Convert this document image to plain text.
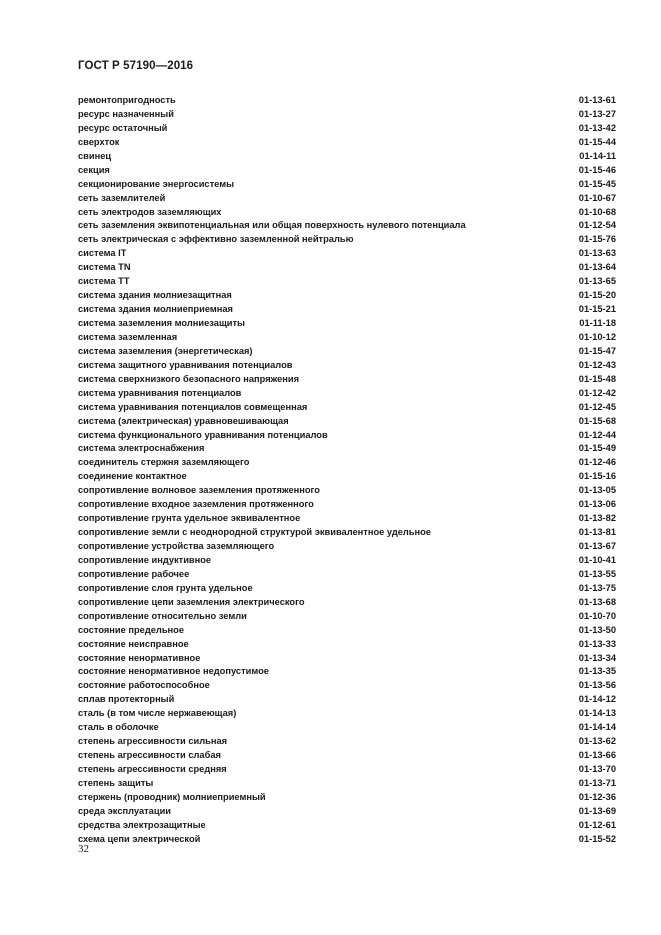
ГОСТ Р 57190—2016
ремонтопригодность	01-13-61
ресурс назначенный	01-13-27
ресурс остаточный	01-13-42
сверхток	01-15-44
свинец	01-14-11
секция	01-15-46
секционирование энергосистемы	01-15-45
сеть заземлителей	01-10-67
сеть электродов заземляющих	01-10-68
сеть заземления эквипотенциальная или общая поверхность нулевого потенциала	01-12-54
сеть электрическая с эффективно заземленной нейтралью	01-15-76
система IT	01-13-63
система TN	01-13-64
система TT	01-13-65
система здания молниезащитная	01-15-20
система здания молниеприемная	01-15-21
система заземления молниезащиты	01-11-18
система заземленная	01-10-12
система заземления (энергетическая)	01-15-47
система защитного уравнивания потенциалов	01-12-43
система сверхнизкого безопасного напряжения	01-15-48
система уравнивания потенциалов	01-12-42
система уравнивания потенциалов совмещенная	01-12-45
система (электрическая) уравновешивающая	01-15-68
система функционального уравнивания потенциалов	01-12-44
система электроснабжения	01-15-49
соединитель стержня заземляющего	01-12-46
соединение контактное	01-15-16
сопротивление волновое заземления протяженного	01-13-05
сопротивление входное заземления протяженного	01-13-06
сопротивление грунта удельное эквивалентное	01-13-82
сопротивление земли с неоднородной структурой эквивалентное удельное	01-13-81
сопротивление устройства заземляющего	01-13-67
сопротивление индуктивное	01-10-41
сопротивление рабочее	01-13-55
сопротивление слоя грунта удельное	01-13-75
сопротивление цепи заземления электрического	01-13-68
сопротивление относительно земли	01-10-70
состояние предельное	01-13-50
состояние неисправное	01-13-33
состояние ненормативное	01-13-34
состояние ненормативное недопустимое	01-13-35
состояние работоспособное	01-13-56
сплав протекторный	01-14-12
сталь (в том числе нержавеющая)	01-14-13
сталь в оболочке	01-14-14
степень агрессивности сильная	01-13-62
степень агрессивности слабая	01-13-66
степень агрессивности средняя	01-13-70
степень защиты	01-13-71
стержень (проводник) молниеприемный	01-12-36
среда эксплуатации	01-13-69
средства электрозащитные	01-12-61
схема цепи электрической	01-15-52
32
